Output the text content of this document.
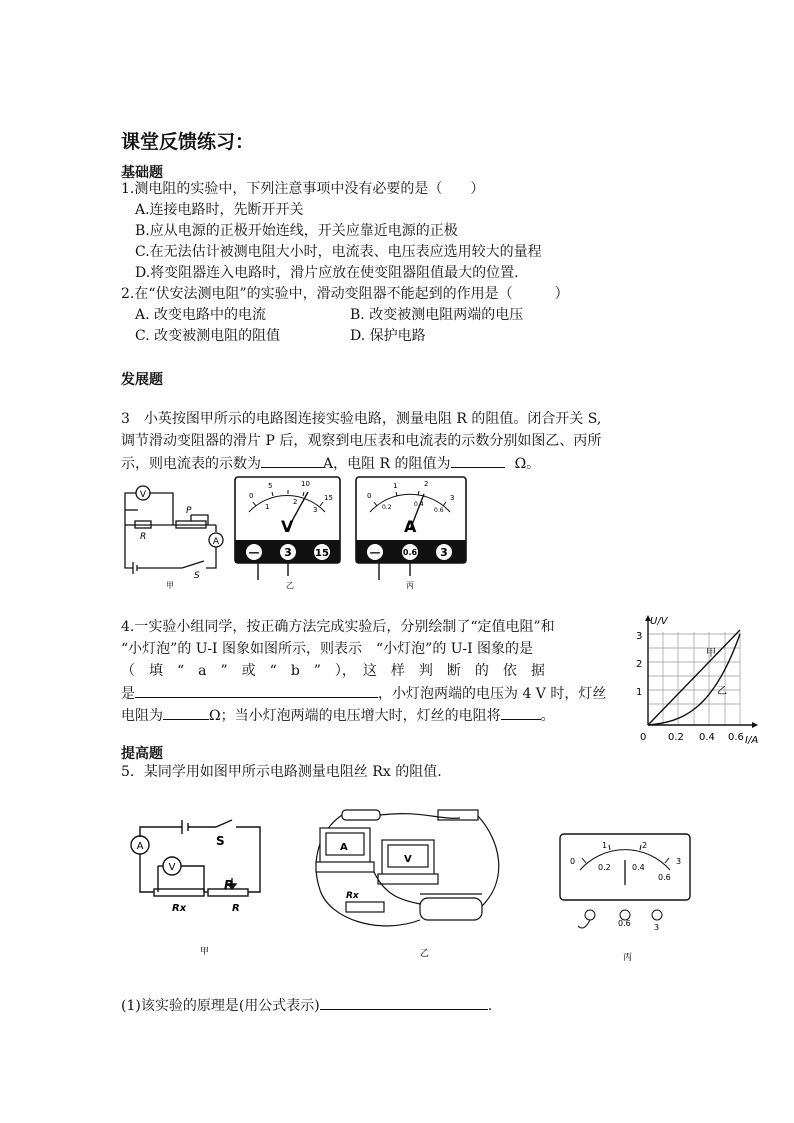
课堂反馈练习：
基础题
1.测电阻的实验中，下列注意事项中没有必要的是（　　）
A.连接电路时，先断开开关
B.应从电源的正极开始连线，开关应靠近电源的正极
C.在无法估计被测电阻大小时，电流表、电压表应选用较大的量程
D.将变阻器连入电路时，滑片应放在使变阻器阻值最大的位置.
2.在“伏安法测电阻”的实验中，滑动变阻器不能起到的作用是（　　　）
A. 改变电路中的电流	B. 改变被测电阻两端的电压
C. 改变被测电阻的阻值	D. 保护电路
发展题
3　小英按图甲所示的电路图连接实验电路，测量电阻 R 的阻值。闭合开关 S,
调节滑动变阻器的滑片 P 后，观察到电压表和电流表的示数分别如图乙、丙所
示，则电流表的示数为	A，电阻 R 的阻值为	Ω。
V
A
P
R
S
甲
0
5	10
15
1
2
3
V
— 3 15
乙
0
1	2
3
0.2	0.4
0.6
A
—	0.6 3
丙
4.一实验小组同学，按正确方法完成实验后，分别绘制了“定值电阻”和
“小灯泡”的 U-I 图象如图所示，则表示　“小灯泡”的 U-I 图象的是
（　填　“　a　”　或　“　b　”　），　这　样　判　断　的　依　据
是	，小灯泡两端的电压为 4 V 时，灯丝
电阻为	Ω；当小灯泡两端的电压增大时，灯丝的电阻将	。
U/V
I/A
3
2
1
0 0.2 0.4 0.6
甲
乙
提高题
5．某同学用如图甲所示电路测量电阻丝 Rx 的阻值.
A
V
S
P
Rx	R
甲
A
V
Rx
乙
0
1	2
3
0.2	0.4
0.6
0.6	3
丙
(1)该实验的原理是(用公式表示)	.
